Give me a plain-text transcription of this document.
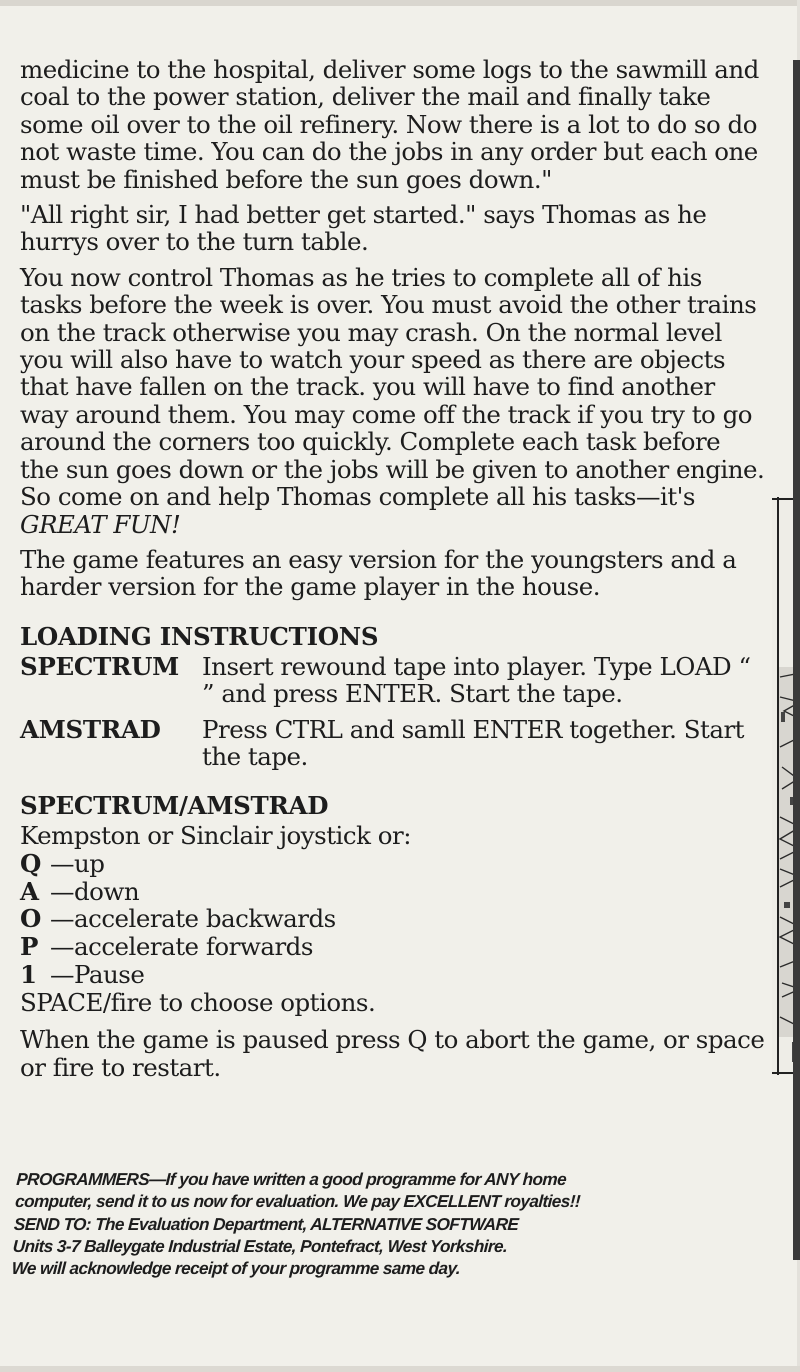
medicine to the hospital, deliver some logs to the sawmill and coal to the power station, deliver the mail and finally take some oil over to the oil refinery. Now there is a lot to do so do not waste time. You can do the jobs in any order but each one must be finished before the sun goes down."

"All right sir, I had better get started." says Thomas as he hurrys over to the turn table.

You now control Thomas as he tries to complete all of his tasks before the week is over. You must avoid the other trains on the track otherwise you may crash. On the normal level you will also have to watch your speed as there are objects that have fallen on the track. you will have to find another way around them. You may come off the track if you try to go around the corners too quickly. Complete each task before the sun goes down or the jobs will be given to another engine. So come on and help Thomas complete all his tasks—it's GREAT FUN!

The game features an easy version for the youngsters and a harder version for the game player in the house.

LOADING INSTRUCTIONS
SPECTRUM Insert rewound tape into player. Type LOAD “ ” and press ENTER. Start the tape.
AMSTRAD	Press CTRL and samll ENTER together. Start the tape.
SPECTRUM/AMSTRAD
Kempston or Sinclair joystick or:
Q —up
A —down
O —accelerate backwards
P —accelerate forwards
1 —Pause
SPACE/fire to choose options.
When the game is paused press Q to abort the game, or space or fire to restart.
PROGRAMMERS—If you have written a good programme for ANY home
computer, send it to us now for evaluation. We pay EXCELLENT royalties!!
SEND TO: The Evaluation Department, ALTERNATIVE SOFTWARE
Units 3-7 Balleygate Industrial Estate, Pontefract, West Yorkshire.
We will acknowledge receipt of your programme same day.
